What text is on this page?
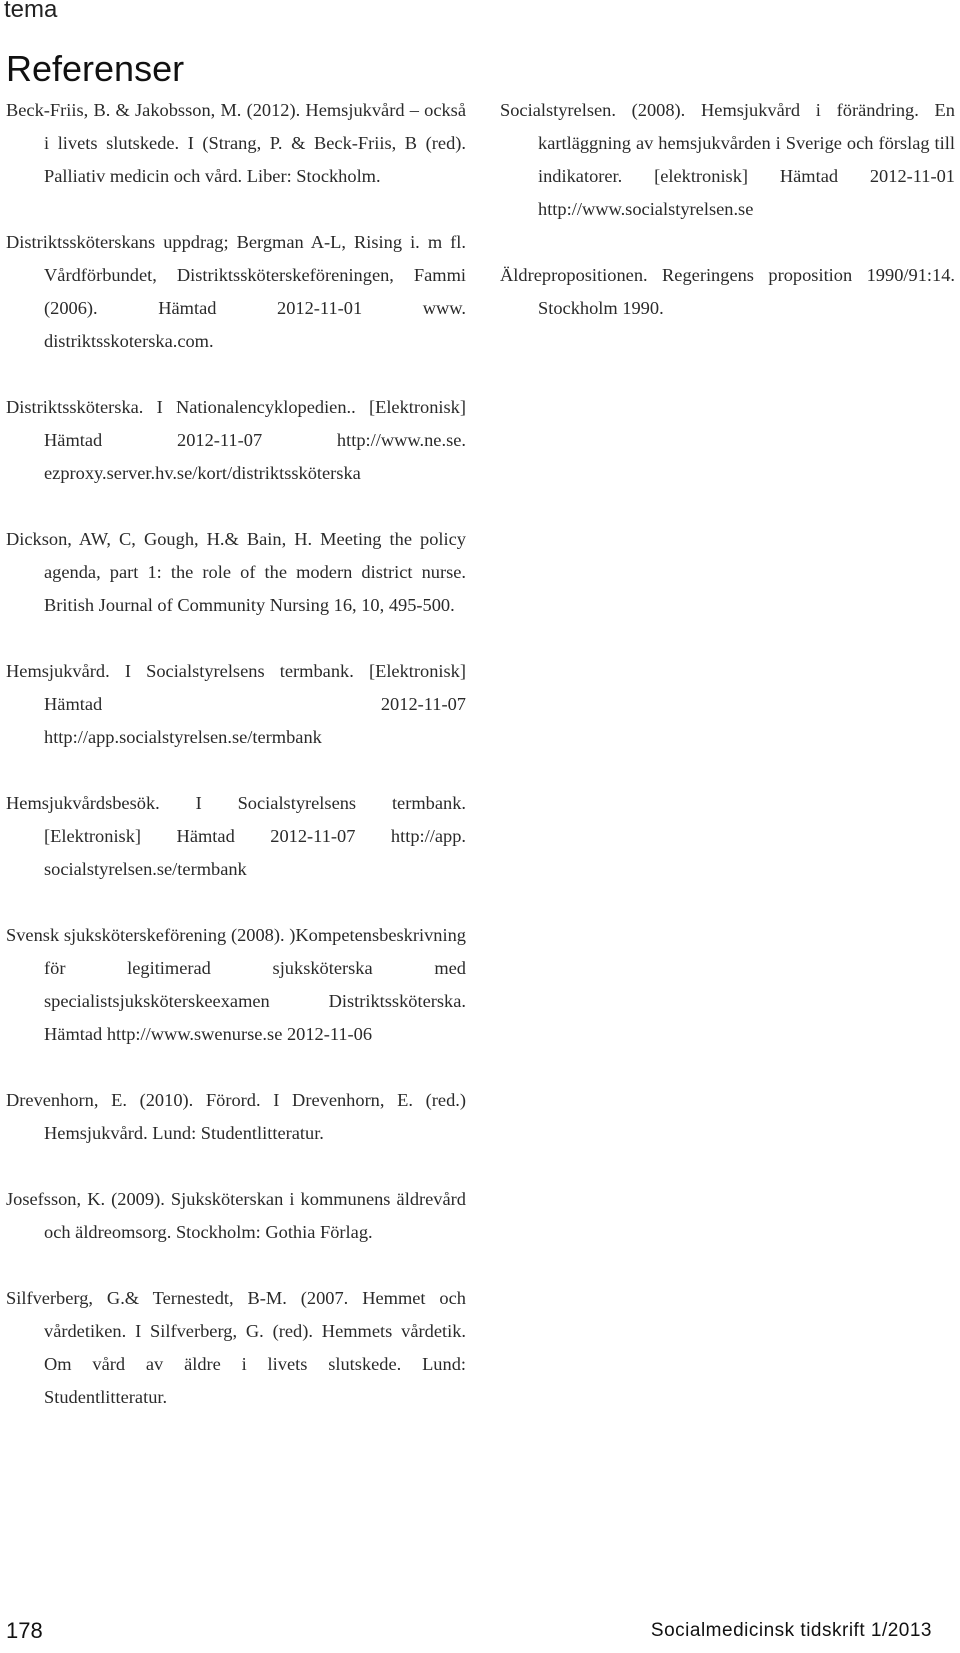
tema
Referenser

Beck-Friis, B. & Jakobsson, M. (2012). Hemsjukvård – också i livets slutskede. I (Strang, P. & Beck-Friis, B (red). Palliativ medicin och vård. Liber: Stockholm.

Distriktssköterskans uppdrag; Bergman A-L, Rising i. m fl. Vårdförbundet, Distriktssköterskeföreningen, Fammi (2006). Hämtad 2012-11-01 www. distriktsskoterska.com.

Distriktssköterska. I Nationalencyklopedien.. [Elektronisk] Hämtad 2012-11-07 http://www.ne.se. ezproxy.server.hv.se/kort/distriktssköterska

Dickson, AW, C, Gough, H.& Bain, H. Meeting the policy agenda, part 1: the role of the modern district nurse. British Journal of Community Nursing 16, 10, 495-500.

Hemsjukvård. I Socialstyrelsens termbank. [Elektronisk] Hämtad 2012-11-07 http://app.socialstyrelsen.se/termbank

Hemsjukvårdsbesök. I Socialstyrelsens termbank. [Elektronisk] Hämtad 2012-11-07 http://app. socialstyrelsen.se/termbank

Svensk sjuksköterskeförening (2008). )Kompetensbeskrivning för legitimerad sjuksköterska med specialistsjuksköterskeexamen Distriktssköterska. Hämtad http://www.swenurse.se 2012-11-06

Drevenhorn, E. (2010). Förord. I Drevenhorn, E. (red.) Hemsjukvård. Lund: Studentlitteratur.

Josefsson, K. (2009). Sjuksköterskan i kommunens äldrevård och äldreomsorg. Stockholm: Gothia Förlag.

Silfverberg, G.& Ternestedt, B-M. (2007. Hemmet och vårdetiken. I Silfverberg, G. (red). Hemmets vårdetik. Om vård av äldre i livets slutskede. Lund: Studentlitteratur.

Socialstyrelsen. (2008). Hemsjukvård i förändring. En kartläggning av hemsjukvården i Sverige och förslag till indikatorer. [elektronisk] Hämtad 2012-11-01 http://www.socialstyrelsen.se

Äldrepropositionen. Regeringens proposition 1990/91:14. Stockholm 1990.

178	Socialmedicinsk tidskrift 1/2013
